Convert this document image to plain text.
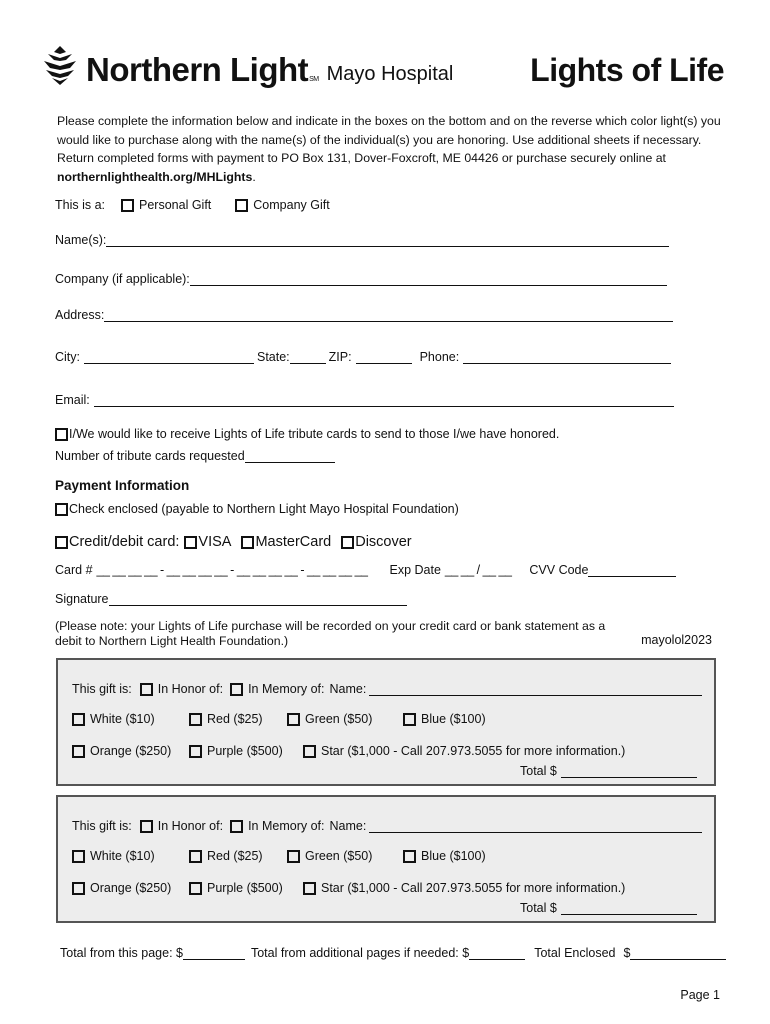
Northern LightSM Mayo Hospital Lights of Life
Please complete the information below and indicate in the boxes on the bottom and on the reverse which color light(s) you would like to purchase along with the name(s) of the individual(s) you are honoring. Use additional sheets if necessary. Return completed forms with payment to PO Box 131, Dover-Foxcroft, ME 04426 or purchase securely online at northernlighthealth.org/MHLights.
This is a:	Personal Gift	Company Gift
Name(s):
Company (if applicable):
Address:
City:	State:	ZIP:	Phone:
Email:
I/We would like to receive Lights of Life tribute cards to send to those I/we have honored.
Number of tribute cards requested
Payment Information
Check enclosed (payable to Northern Light Mayo Hospital Foundation)
Credit/debit card: VISA MasterCard Discover
Card # __ __ __ __ - __ __ __ __ - __ __ __ __ - __ __ __ __ Exp Date __ __ / __ __ CVV Code
Signature
(Please note: your Lights of Life purchase will be recorded on your credit card or bank statement as a debit to Northern Light Health Foundation.)	mayolol2023
This gift is: In Honor of: In Memory of: Name:
White ($10)	Red ($25)	Green ($50)	Blue ($100)
Orange ($250)	Purple ($500)	Star ($1,000 - Call 207.973.5055 for more information.)
Total $
This gift is: In Honor of: In Memory of: Name:
White ($10)	Red ($25)	Green ($50)	Blue ($100)
Orange ($250)	Purple ($500)	Star ($1,000 - Call 207.973.5055 for more information.)
Total $
Total from this page: $	Total from additional pages if needed: $	Total Enclosed $
Page 1
